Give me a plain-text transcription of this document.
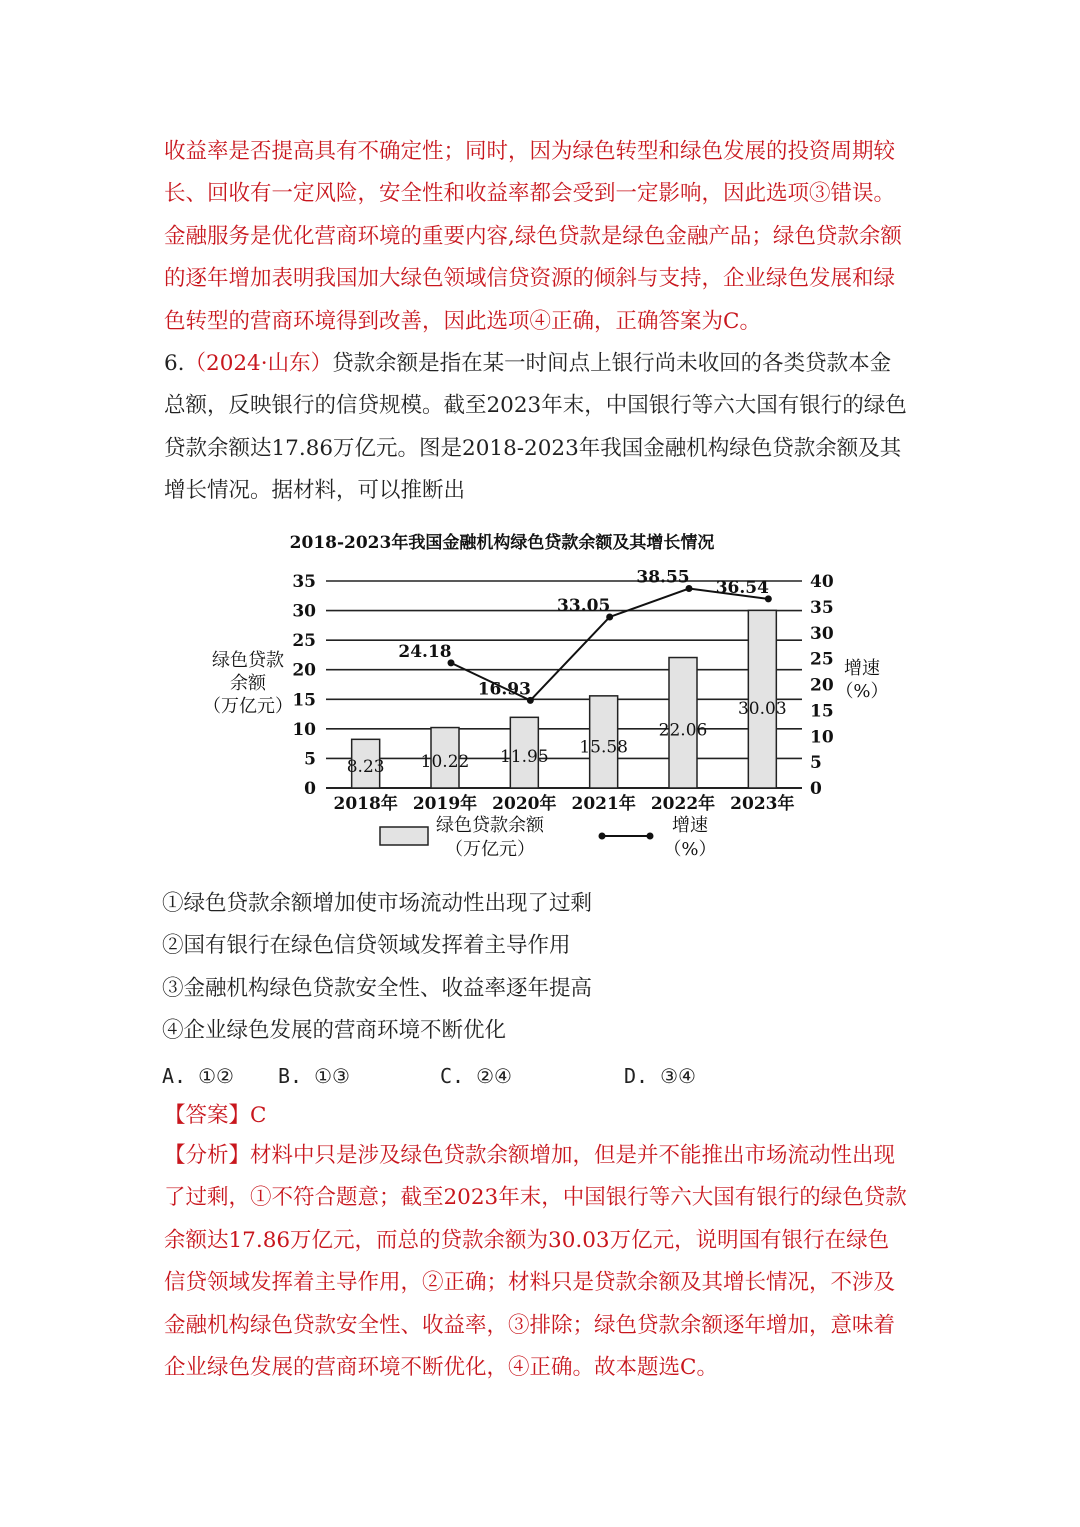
收益率是否提高具有不确定性；同时，因为绿色转型和绿色发展的投资周期较
长、回收有一定风险，安全性和收益率都会受到一定影响，因此选项③错误。
金融服务是优化营商环境的重要内容,绿色贷款是绿色金融产品；绿色贷款余额
的逐年增加表明我国加大绿色领域信贷资源的倾斜与支持，企业绿色发展和绿
色转型的营商环境得到改善，因此选项④正确，正确答案为C。
6.（2024·山东）贷款余额是指在某一时间点上银行尚未收回的各类贷款本金
总额，反映银行的信贷规模。截至2023年末，中国银行等六大国有银行的绿色
贷款余额达17.86万亿元。图是2018-2023年我国金融机构绿色贷款余额及其
增长情况。据材料，可以推断出
2018-2023年我国金融机构绿色贷款余额及其增长情况
8.23 10.22 11.95 15.58
22.06
30.03
24.18
16.93
33.05
38.55
36.54
0
5
10
15
20
25
30
35
0
5
10
15
20
25
30
35
40
绿色贷款
余额
（万亿元）
增速
（%）
2018年 2019年 2020年 2021年 2022年 2023年
绿色贷款余额
（万亿元）
增速
（%）
①绿色贷款余额增加使市场流动性出现了过剩
②国有银行在绿色信贷领域发挥着主导作用
③金融机构绿色贷款安全性、收益率逐年提高
④企业绿色发展的营商环境不断优化
A. ①② B. ①③	C. ②④	D. ③④
【答案】C
【分析】材料中只是涉及绿色贷款余额增加，但是并不能推出市场流动性出现
了过剩，①不符合题意；截至2023年末，中国银行等六大国有银行的绿色贷款
余额达17.86万亿元，而总的贷款余额为30.03万亿元，说明国有银行在绿色
信贷领域发挥着主导作用，②正确；材料只是贷款余额及其增长情况，不涉及
金融机构绿色贷款安全性、收益率，③排除；绿色贷款余额逐年增加，意味着
企业绿色发展的营商环境不断优化，④正确。故本题选C。
